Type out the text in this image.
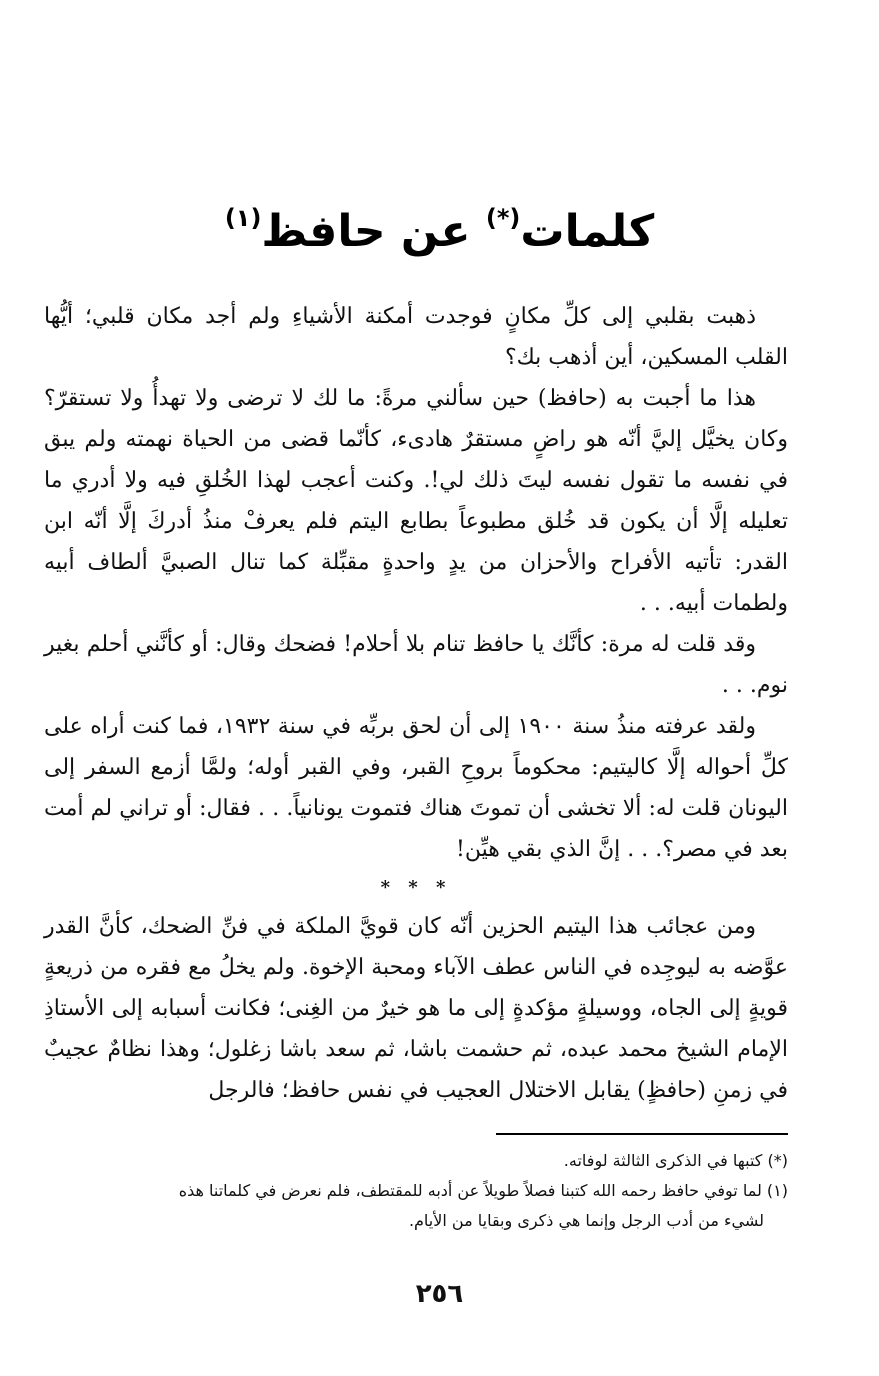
كلمات(*) عن حافظ$^{(١)}$

ذهبت بقلبي إلى كلِّ مكانٍ فوجدت أمكنة الأشياءِ ولم أجد مكان قلبي؛ أيُّها القلب المسكين، أين أذهب بك؟

هذا ما أجبت به (حافظ) حين سألني مرةً: ما لك لا ترضى ولا تهدأُ ولا تستقرّ؟ وكان يخيَّل إليَّ أنّه هو راضٍ مستقرٌ هادىء، كأنّما قضى من الحياة نهمته ولم يبق في نفسه ما تقول نفسه ليتَ ذلك لي!. وكنت أعجب لهذا الخُلقِ فيه ولا أدري ما تعليله إلَّا أن يكون قد خُلق مطبوعاً بطابع اليتم فلم يعرفْ منذُ أدركَ إلَّا أنّه ابن القدر: تأتيه الأفراح والأحزان من يدٍ واحدةٍ مقبِّلة كما تنال الصبيَّ ألطاف أبيه ولطمات أبيه. . .

وقد قلت له مرة: كأنَّك يا حافظ تنام بلا أحلام! فضحك وقال: أو كأنَّني أحلم بغير نوم. . .

ولقد عرفته منذُ سنة ١٩٠٠ إلى أن لحق بربِّه في سنة ١٩٣٢، فما كنت أراه على كلِّ أحواله إلَّا كاليتيم: محكوماً بروحِ القبر، وفي القبر أوله؛ ولمَّا أزمع السفر إلى اليونان قلت له: ألا تخشى أن تموتَ هناك فتموت يونانياً. . . فقال: أو تراني لم أمت بعد في مصر؟. . . إنَّ الذي بقي هيِّن!

* * *

ومن عجائب هذا اليتيم الحزين أنّه كان قويَّ الملكة في فنِّ الضحك، كأنَّ القدر عوَّضه به ليوجِده في الناس عطف الآباء ومحبة الإخوة. ولم يخلُ مع فقره من ذريعةٍ قويةٍ إلى الجاه، ووسيلةٍ مؤكدةٍ إلى ما هو خيرٌ من الغِنى؛ فكانت أسبابه إلى الأستاذِ الإمام الشيخ محمد عبده، ثم حشمت باشا، ثم سعد باشا زغلول؛ وهذا نظامٌ عجيبٌ في زمنِ (حافظٍ) يقابل الاختلال العجيب في نفس حافظ؛ فالرجل

(*) كتبها في الذكرى الثالثة لوفاته.

(١) لما توفي حافظ رحمه الله كتبنا فصلاً طويلاً عن أدبه للمقتطف، فلم نعرض في كلماتنا هذه

لشيء من أدب الرجل وإنما هي ذكرى وبقايا من الأيام.

٢٥٦
